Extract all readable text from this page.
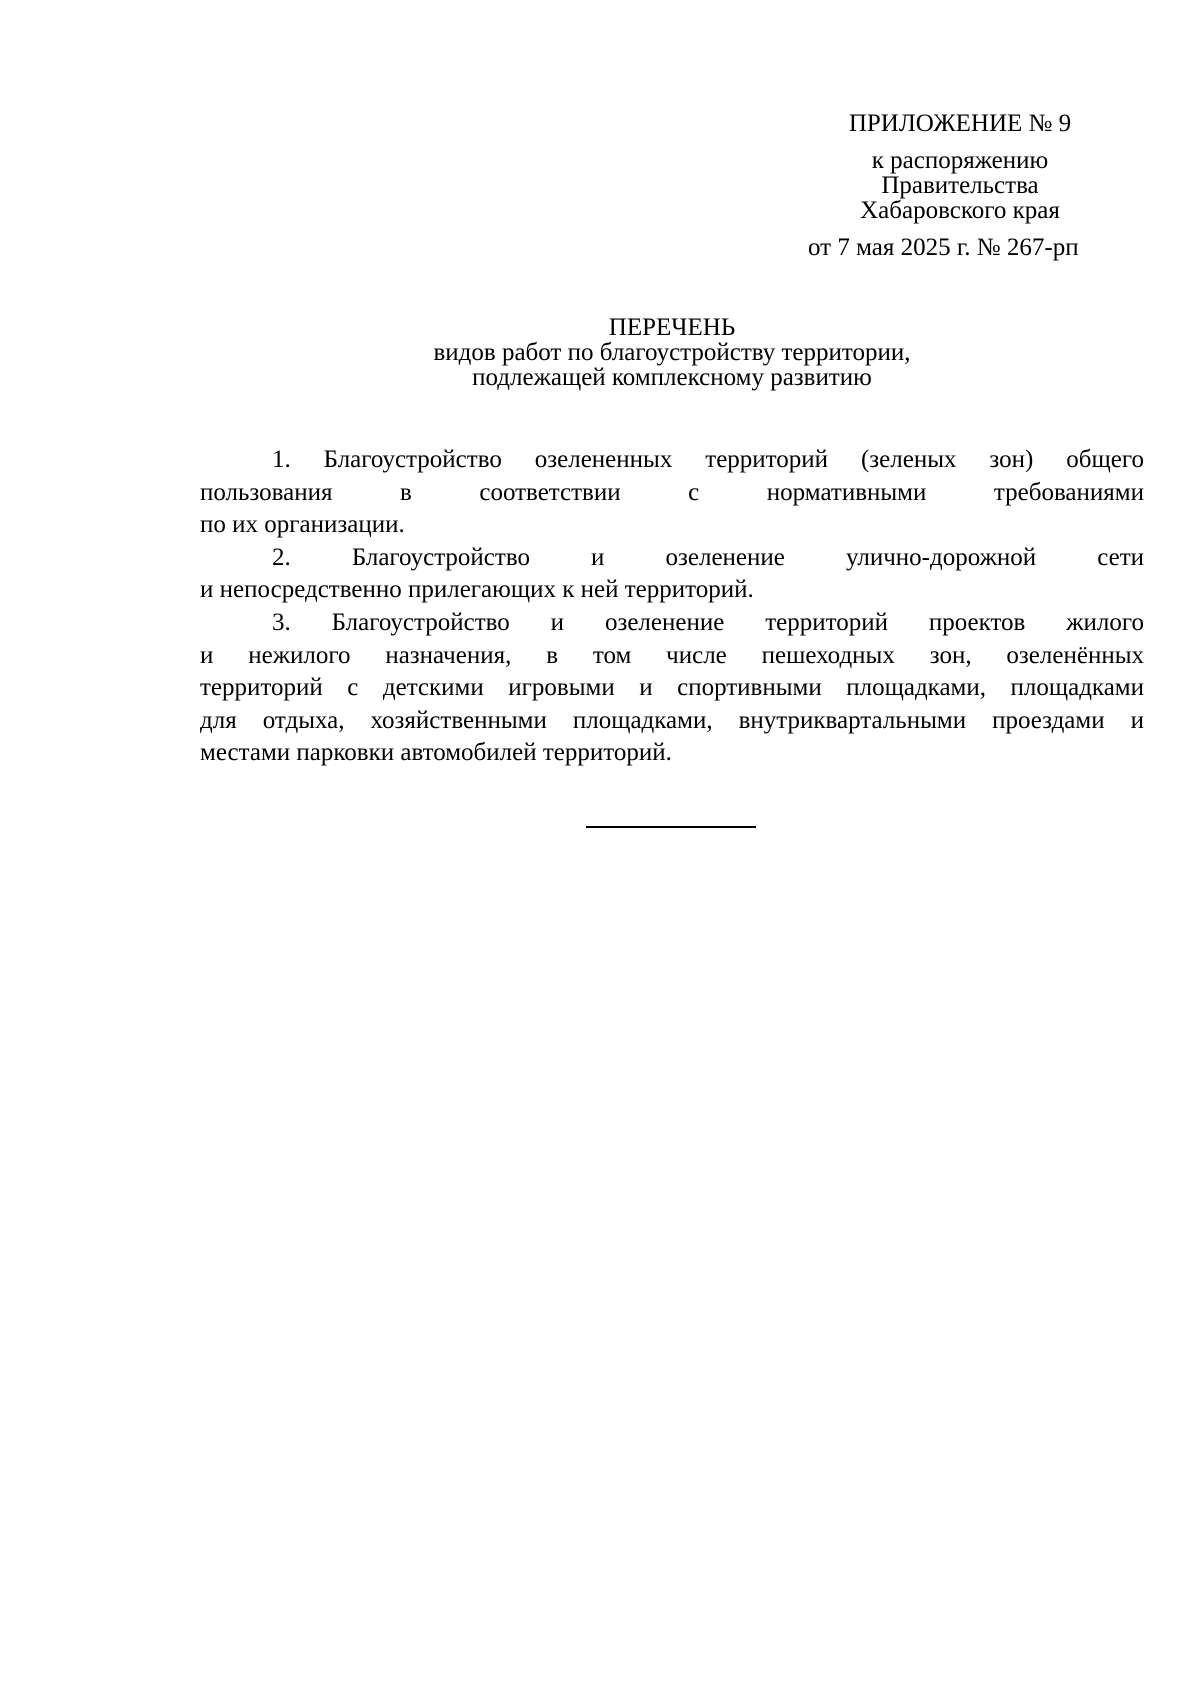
ПРИЛОЖЕНИЕ № 9
к распоряжению
Правительства
Хабаровского края
от 7 мая 2025 г. № 267-рп
ПЕРЕЧЕНЬ
видов работ по благоустройству территории,
подлежащей комплексному развитию

1. Благоустройство озелененных территорий (зеленых зон) общего
пользования в соответствии с нормативными требованиями
по их организации.

2. Благоустройство и озеленение улично-дорожной сети
и непосредственно прилегающих к ней территорий.

3. Благоустройство и озеленение территорий проектов жилого
и нежилого назначения, в том числе пешеходных зон, озеленённых
территорий с детскими игровыми и спортивными площадками, площадками
для отдыха, хозяйственными площадками, внутриквартальными проездами и
местами парковки автомобилей территорий.
